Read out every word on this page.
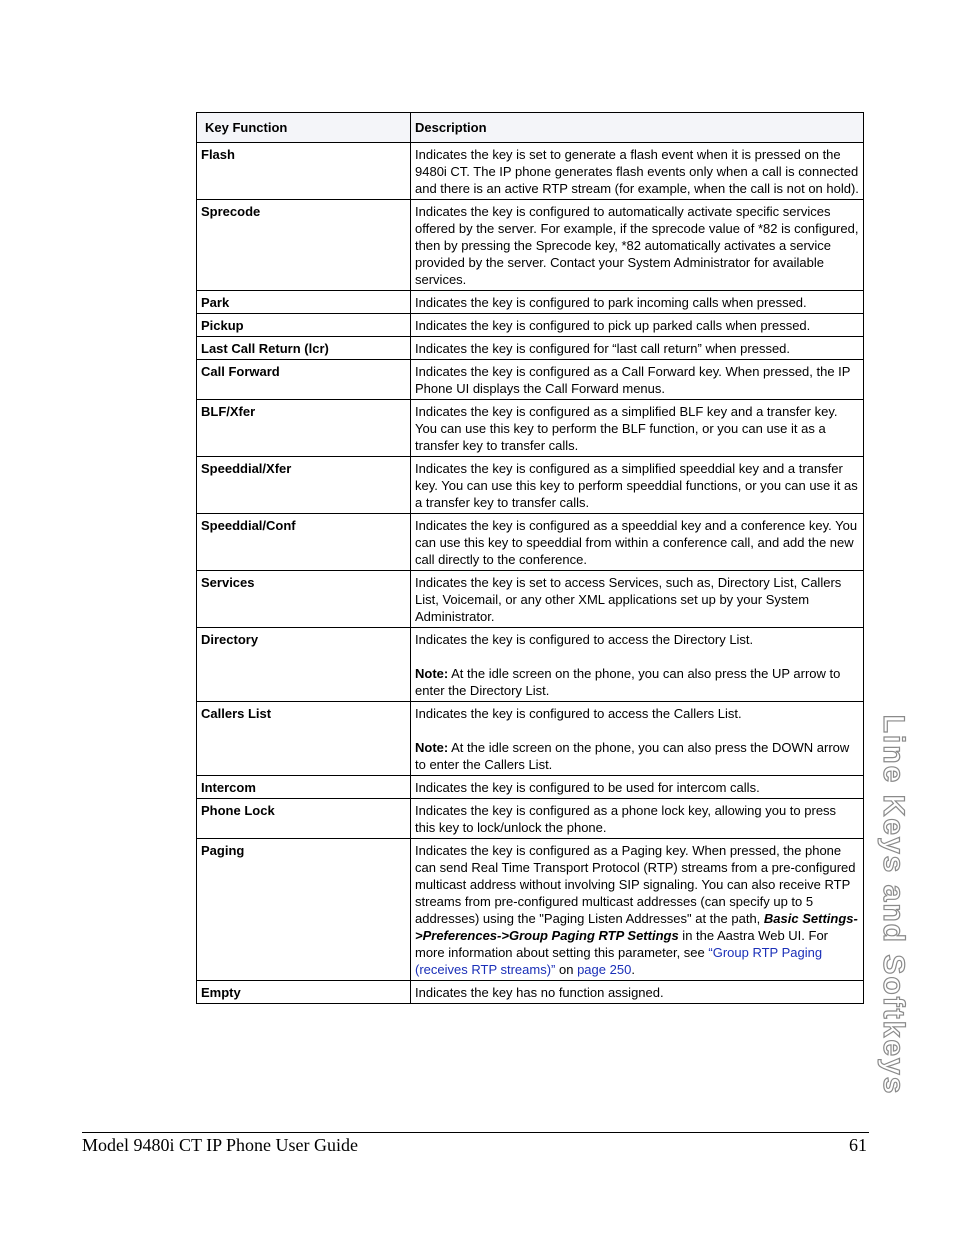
Key Function	Description
Flash	Indicates the key is set to generate a flash event when it is pressed on the 9480i CT. The IP phone generates flash events only when a call is connected and there is an active RTP stream (for example, when the call is not on hold).
Sprecode	Indicates the key is configured to automatically activate specific services offered by the server. For example, if the sprecode value of *82 is configured, then by pressing the Sprecode key, *82 automatically activates a service provided by the server. Contact your System Administrator for available services.
Park	Indicates the key is configured to park incoming calls when pressed.
Pickup	Indicates the key is configured to pick up parked calls when pressed.
Last Call Return (lcr)	Indicates the key is configured for “last call return” when pressed.
Call Forward	Indicates the key is configured as a Call Forward key. When pressed, the IP Phone UI displays the Call Forward menus.
BLF/Xfer	Indicates the key is configured as a simplified BLF key and a transfer key. You can use this key to perform the BLF function, or you can use it as a transfer key to transfer calls.
Speeddial/Xfer	Indicates the key is configured as a simplified speeddial key and a transfer key. You can use this key to perform speeddial functions, or you can use it as a transfer key to transfer calls.
Speeddial/Conf	Indicates the key is configured as a speeddial key and a conference key. You can use this key to speeddial from within a conference call, and add the new call directly to the conference.
Services	Indicates the key is set to access Services, such as, Directory List, Callers List, Voicemail, or any other XML applications set up by your System Administrator.
Directory	Indicates the key is configured to access the Directory List.

Note: At the idle screen on the phone, you can also press the UP arrow to enter the Directory List.

Callers List	Indicates the key is configured to access the Callers List.

Note: At the idle screen on the phone, you can also press the DOWN arrow to enter the Callers List.

Intercom	Indicates the key is configured to be used for intercom calls.
Phone Lock	Indicates the key is configured as a phone lock key, allowing you to press this key to lock/unlock the phone.
Paging	Indicates the key is configured as a Paging key. When pressed, the phone can send Real Time Transport Protocol (RTP) streams from a pre-configured multicast address without involving SIP signaling. You can also receive RTP streams from pre-configured multicast addresses (can specify up to 5 addresses) using the "Paging Listen Addresses" at the path, Basic Settings->Preferences->Group Paging RTP Settings in the Aastra Web UI. For more information about setting this parameter, see “Group RTP Paging (receives RTP streams)” on page 250.
Empty	Indicates the key has no function assigned.	Line Keys and Softkeys
Model 9480i CT IP Phone User Guide	61
